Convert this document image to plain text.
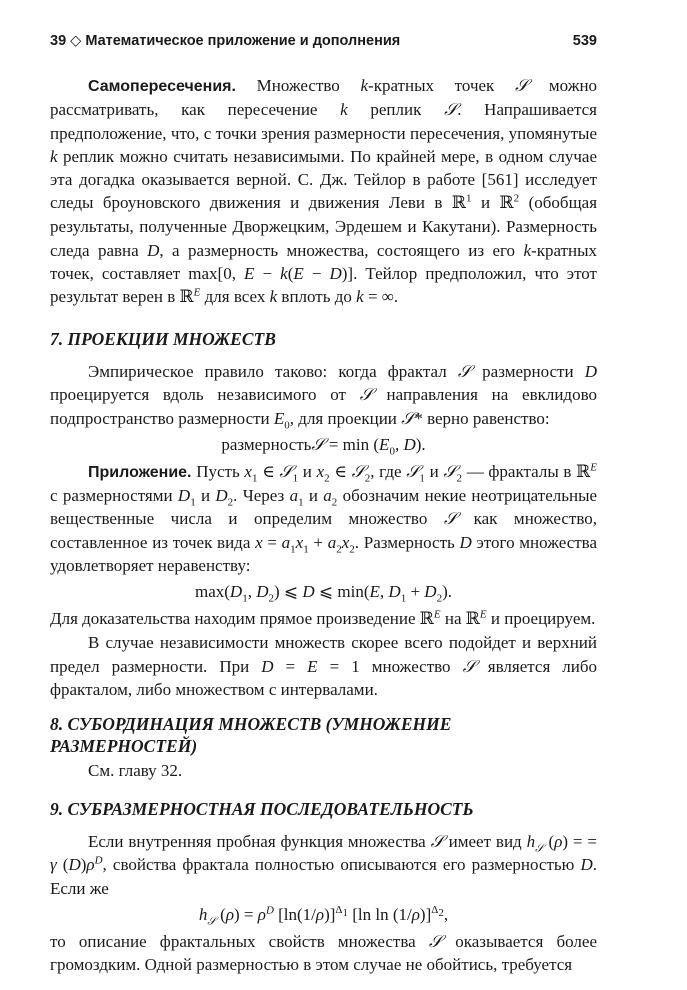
39 ◇ Математическое приложение и дополнения	539

Самопересечения. Множество k-кратных точек 𝒮 можно рассматривать, как пересечение k реплик 𝒮. Напрашивается предположение, что, с точки зрения размерности пересечения, упомянутые k реплик можно считать независимыми. По крайней мере, в одном случае эта догадка оказывается верной. С. Дж. Тейлор в работе [561] исследует следы броуновского движения и движения Леви в ℝ$^1$ и ℝ$^2$ (обобщая результаты, полученные Дворжецким, Эрдешем и Какутани). Размерность следа равна D, а размерность множества, состоящего из его k-кратных точек, составляет max[0, E − k(E − D)]. Тейлор предположил, что этот результат верен в ℝ$^E$ для всех k вплоть до k = ∞.

7. ПРОЕКЦИИ МНОЖЕСТВ

Эмпирическое правило таково: когда фрактал 𝒮 размерности D проецируется вдоль независимого от 𝒮 направления на евклидово подпространство размерности $E_0$, для проекции 𝒮* верно равенство:

размерность𝒮 = $\min (E_0$, D).

Приложение. Пусть $x_1$ ∈ 𝒮$_1$ и $x_2$ ∈ 𝒮$_2$, где 𝒮$_1$ и 𝒮$_2$ — фракталы в ℝ$^E$ с размерностями $D_1$ и $D_2$. Через $a_1$ и $a_2$ обозначим некие неотрицательные вещественные числа и определим множество 𝒮 как множество, составленное из точек вида $x = a_1x_1 + a_2x_2$. Размерность D этого множества удовлетворяет неравенству:

$\max(D_1$, $D_2$) ⩽ D ⩽ min(E, $D_1 + D_2$).

Для доказательства находим прямое произведение ℝ$^E$ на ℝ$^E$ и проецируем.

В случае независимости множеств скорее всего подойдет и верхний предел размерности. При D = E = 1 множество 𝒮 является либо фракталом, либо множеством с интервалами.

8. СУБОРДИНАЦИЯ МНОЖЕСТВ (УМНОЖЕНИЕ
РАЗМЕРНОСТЕЙ)

См. главу 32.

9. СУБРАЗМЕРНОСТНАЯ ПОСЛЕДОВАТЕЛЬНОСТЬ

Если внутренняя пробная функция множества 𝒮 имеет вид $h_𝒮$ (ρ) = = γ $(D)\rho^D$, свойства фрактала полностью описываются его размерностью D. Если же

$h_𝒮$ $(\rho) = \rho^D$ $[\ln(1/\rho)]^{\Delta_1}$ [ln ln (1/ρ)]$^{\Delta_2}$,

то описание фрактальных свойств множества 𝒮 оказывается более громоздким. Одной размерностью в этом случае не обойтись, требуется
